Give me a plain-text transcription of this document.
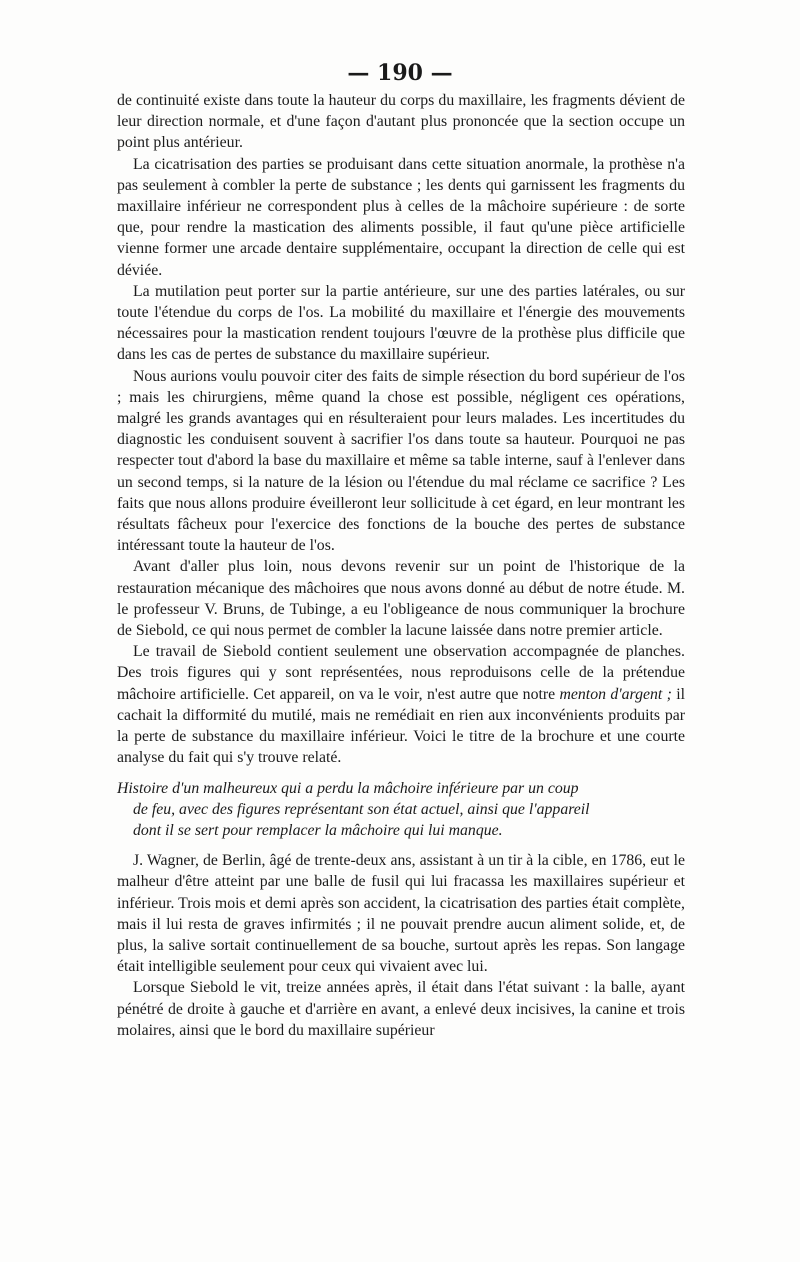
— 190 —

de continuité existe dans toute la hauteur du corps du maxillaire, les fragments dévient de leur direction normale, et d'une façon d'autant plus prononcée que la section occupe un point plus antérieur.

La cicatrisation des parties se produisant dans cette situation anormale, la prothèse n'a pas seulement à combler la perte de substance ; les dents qui garnissent les fragments du maxillaire inférieur ne correspondent plus à celles de la mâchoire supérieure : de sorte que, pour rendre la mastication des aliments possible, il faut qu'une pièce artificielle vienne former une arcade dentaire supplémentaire, occupant la direction de celle qui est déviée.

La mutilation peut porter sur la partie antérieure, sur une des parties latérales, ou sur toute l'étendue du corps de l'os. La mobilité du maxillaire et l'énergie des mouvements nécessaires pour la mastication rendent toujours l'œuvre de la prothèse plus difficile que dans les cas de pertes de substance du maxillaire supérieur.

Nous aurions voulu pouvoir citer des faits de simple résection du bord supérieur de l'os ; mais les chirurgiens, même quand la chose est possible, négligent ces opérations, malgré les grands avantages qui en résulteraient pour leurs malades. Les incertitudes du diagnostic les conduisent souvent à sacrifier l'os dans toute sa hauteur. Pourquoi ne pas respecter tout d'abord la base du maxillaire et même sa table interne, sauf à l'enlever dans un second temps, si la nature de la lésion ou l'étendue du mal réclame ce sacrifice ? Les faits que nous allons produire éveilleront leur sollicitude à cet égard, en leur montrant les résultats fâcheux pour l'exercice des fonctions de la bouche des pertes de substance intéressant toute la hauteur de l'os.

Avant d'aller plus loin, nous devons revenir sur un point de l'historique de la restauration mécanique des mâchoires que nous avons donné au début de notre étude. M. le professeur V. Bruns, de Tubinge, a eu l'obligeance de nous communiquer la brochure de Siebold, ce qui nous permet de combler la lacune laissée dans notre premier article.

Le travail de Siebold contient seulement une observation accompagnée de planches. Des trois figures qui y sont représentées, nous reproduisons celle de la prétendue mâchoire artificielle. Cet appareil, on va le voir, n'est autre que notre menton d'argent ; il cachait la difformité du mutilé, mais ne remédiait en rien aux inconvénients produits par la perte de substance du maxillaire inférieur. Voici le titre de la brochure et une courte analyse du fait qui s'y trouve relaté.

Histoire d'un malheureux qui a perdu la mâchoire inférieure par un coup
de feu, avec des figures représentant son état actuel, ainsi que l'appareil
dont il se sert pour remplacer la mâchoire qui lui manque.

J. Wagner, de Berlin, âgé de trente-deux ans, assistant à un tir à la cible, en 1786, eut le malheur d'être atteint par une balle de fusil qui lui fracassa les maxillaires supérieur et inférieur. Trois mois et demi après son accident, la cicatrisation des parties était complète, mais il lui resta de graves infirmités ; il ne pouvait prendre aucun aliment solide, et, de plus, la salive sortait continuellement de sa bouche, surtout après les repas. Son langage était intelligible seulement pour ceux qui vivaient avec lui.

Lorsque Siebold le vit, treize années après, il était dans l'état suivant : la balle, ayant pénétré de droite à gauche et d'arrière en avant, a enlevé deux incisives, la canine et trois molaires, ainsi que le bord du maxillaire supérieur
